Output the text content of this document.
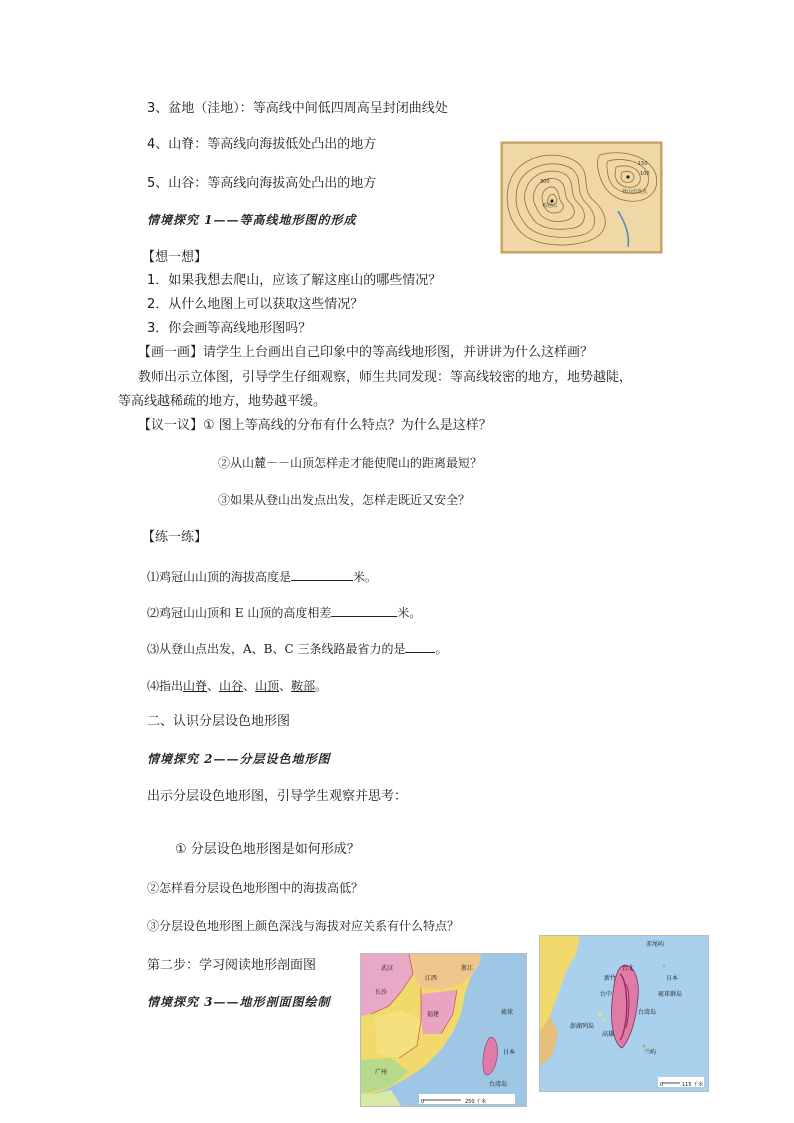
3、盆地（洼地）：等高线中间低四周高呈封闭曲线处
4、山脊：等高线向海拔低处凸出的地方
5、山谷：等高线向海拔高处凸出的地方
情境探究 1——等高线地形图的形成
【想一想】
1．如果我想去爬山，应该了解这座山的哪些情况？
2．从什么地图上可以获取这些情况？
3．你会画等高线地形图吗？
【画一画】请学生上台画出自己印象中的等高线地形图，并讲讲为什么这样画？
教师出示立体图，引导学生仔细观察，师生共同发现：等高线较密的地方，地势越陡，
等高线越稀疏的地方，地势越平缓。
【议一议】① 图上等高线的分布有什么特点？为什么是这样？
②从山麓－－山顶怎样走才能使爬山的距离最短？
③如果从登山出发点出发，怎样走既近又安全？
【练一练】
⑴鸡冠山山顶的海拔高度是	米。
⑵鸡冠山山顶和 E 山顶的高度相差	米。
⑶从登山点出发，A、B、C 三条线路最省力的是	。
⑷指出山脊、山谷、山顶、鞍部。
二、认识分层设色地形图
情境探究 2——分层设色地形图
出示分层设色地形图，引导学生观察并思考：
① 分层设色地形图是如何形成？
②怎样看分层设色地形图中的海拔高低？
③分层设色地形图上颜色深浅与海拔对应关系有什么特点？
第二步：学习阅读地形剖面图
情境探究 3——地形剖面图绘制
300
150
100
鸡冠山
登山出发点
武汉
长沙
江西
浙江
福建
台湾岛
广州
日本
琉球
0	250 千米
赤尾屿
日本
琉球群岛
台北
新竹
台中
澎湖列岛
台湾岛
高雄
兰屿
0	115 千米
